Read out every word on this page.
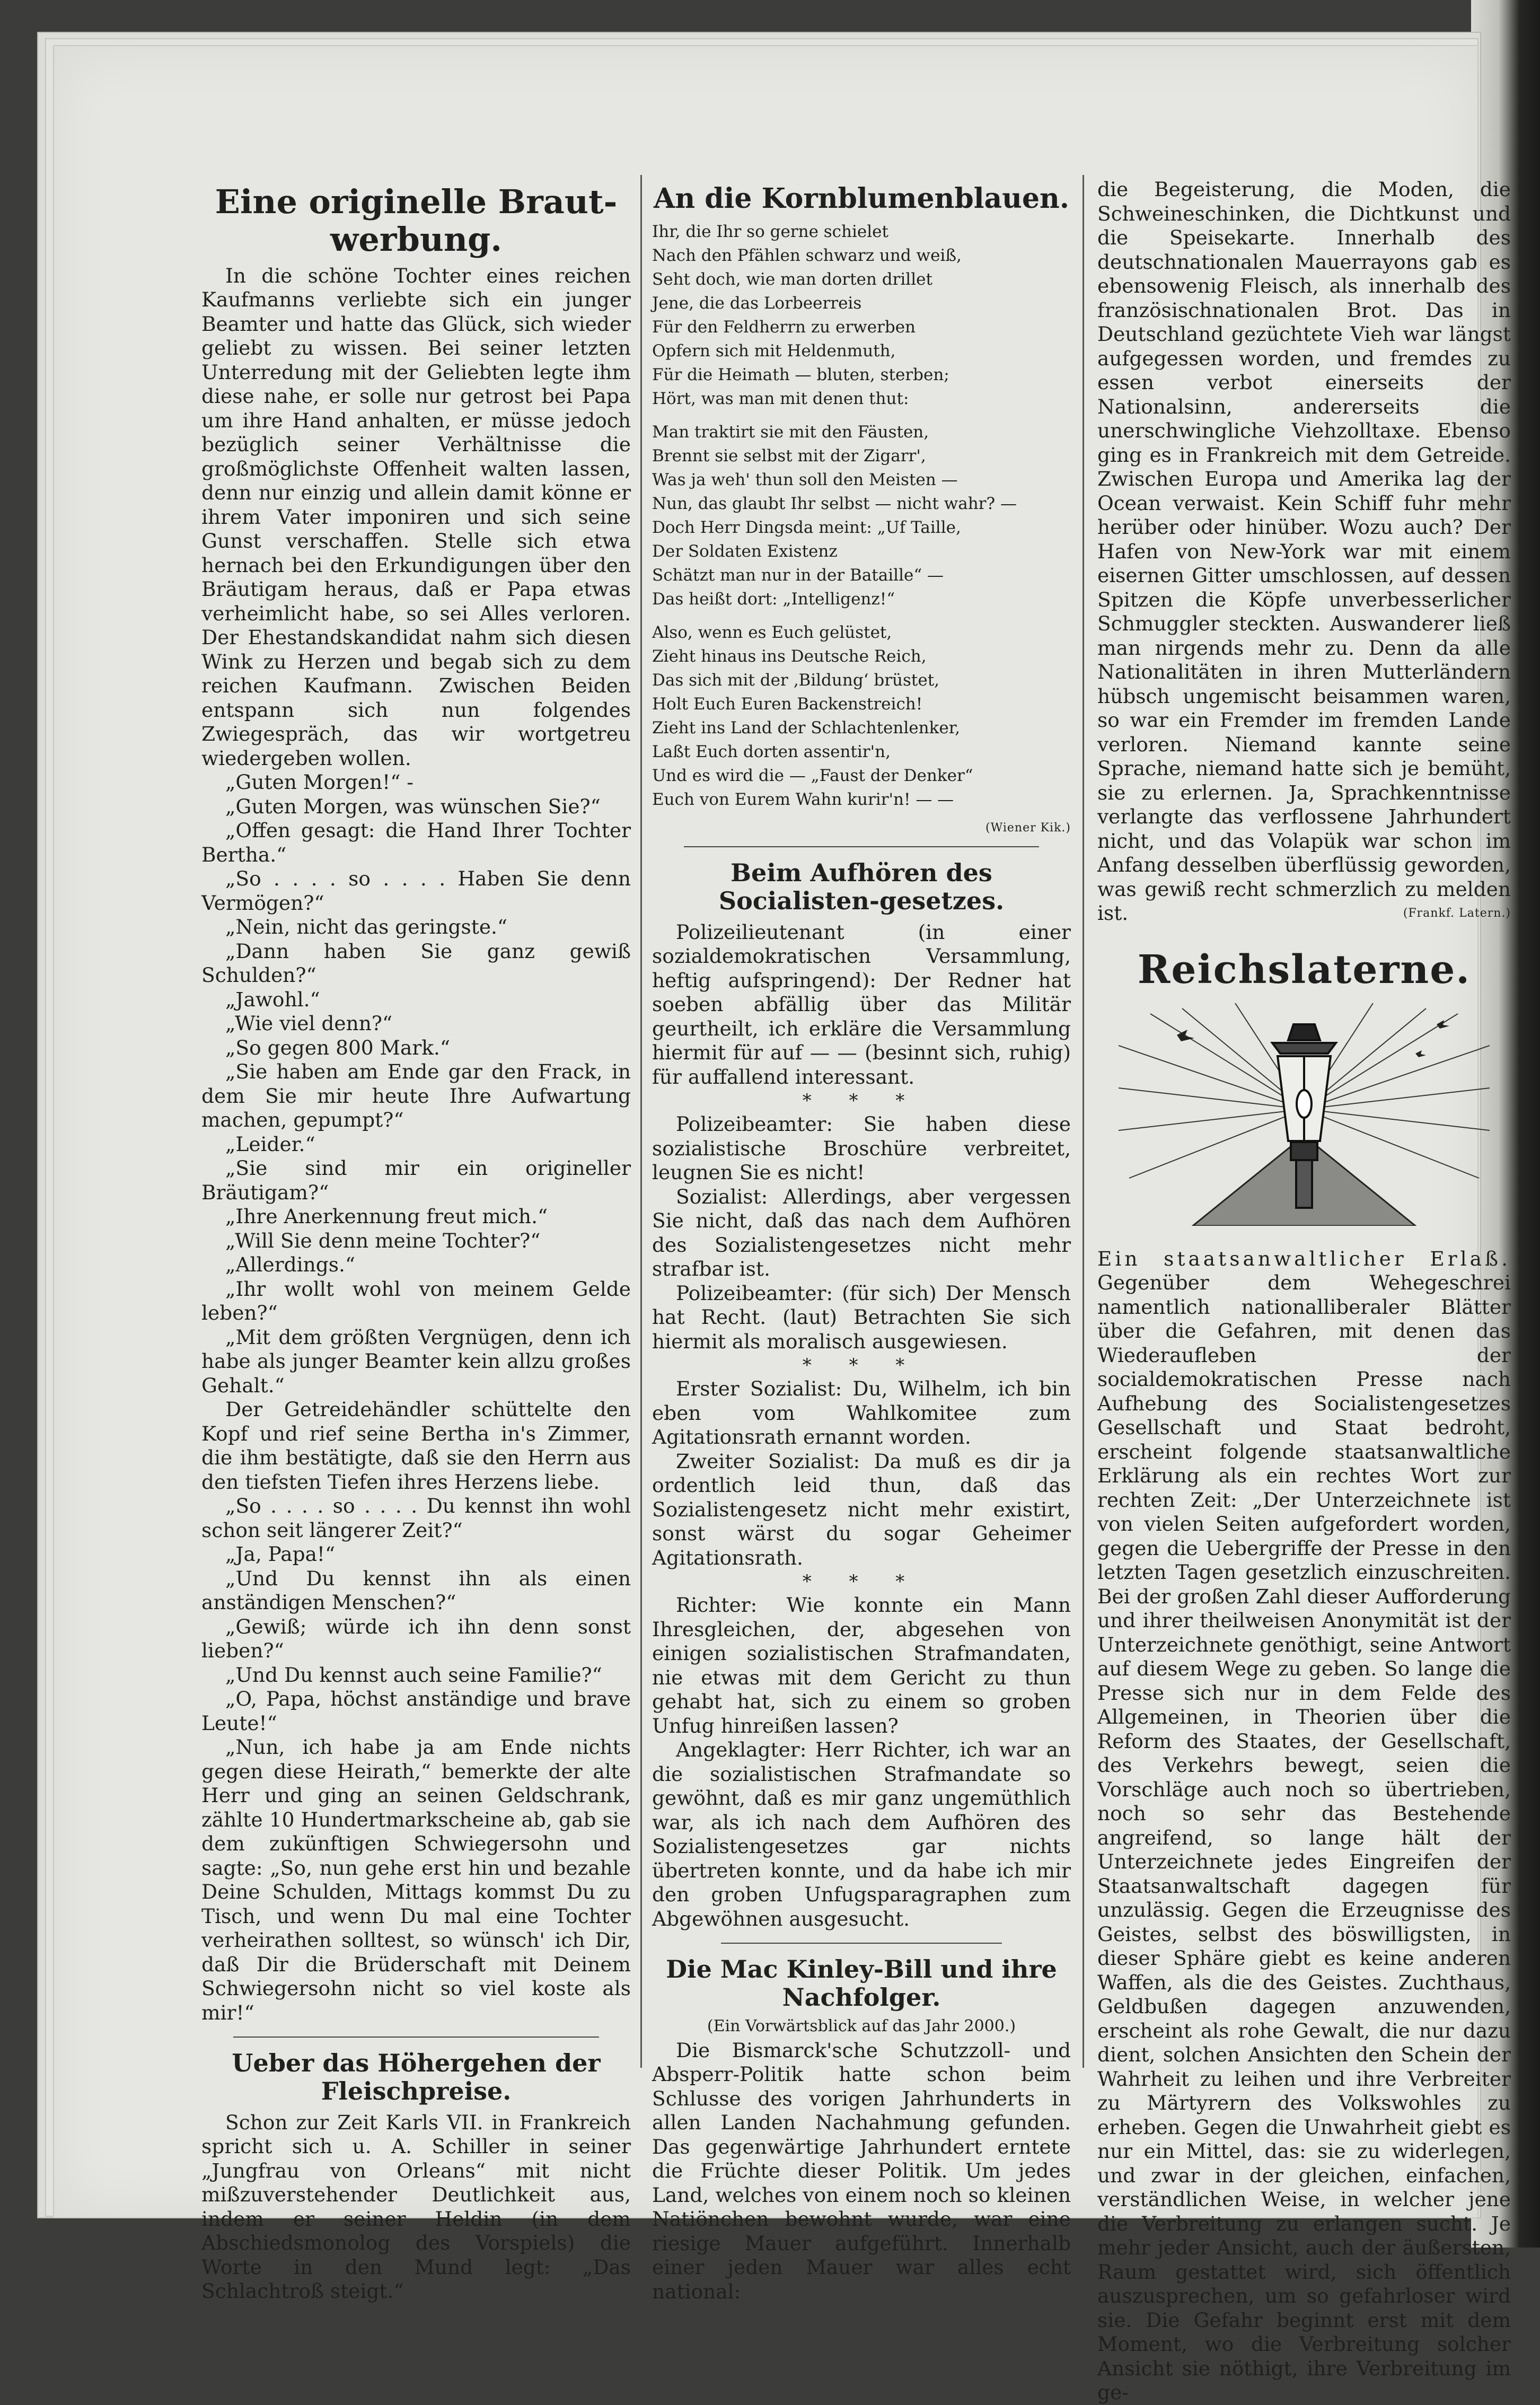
Eine originelle Braut-werbung.

In die schöne Tochter eines reichen Kaufmanns verliebte sich ein junger Beamter und hatte das Glück, sich wieder geliebt zu wissen. Bei seiner letzten Unterredung mit der Geliebten legte ihm diese nahe, er solle nur getrost bei Papa um ihre Hand anhalten, er müsse jedoch bezüglich seiner Verhältnisse die großmöglichste Offenheit walten lassen, denn nur einzig und allein damit könne er ihrem Vater imponiren und sich seine Gunst verschaffen. Stelle sich etwa hernach bei den Erkundigungen über den Bräutigam heraus, daß er Papa etwas verheimlicht habe, so sei Alles verloren. Der Ehestandskandidat nahm sich diesen Wink zu Herzen und begab sich zu dem reichen Kaufmann. Zwischen Beiden entspann sich nun folgendes Zwiegespräch, das wir wortgetreu wiedergeben wollen.

„Guten Morgen!“ -

„Guten Morgen, was wünschen Sie?“

„Offen gesagt: die Hand Ihrer Tochter Bertha.“

„So . . . . so . . . . Haben Sie denn Vermögen?“

„Nein, nicht das geringste.“

„Dann haben Sie ganz gewiß Schulden?“

„Jawohl.“

„Wie viel denn?“

„So gegen 800 Mark.“

„Sie haben am Ende gar den Frack, in dem Sie mir heute Ihre Aufwartung machen, gepumpt?“

„Leider.“

„Sie sind mir ein origineller Bräutigam?“

„Ihre Anerkennung freut mich.“

„Will Sie denn meine Tochter?“

„Allerdings.“

„Ihr wollt wohl von meinem Gelde leben?“

„Mit dem größten Vergnügen, denn ich habe als junger Beamter kein allzu großes Gehalt.“

Der Getreidehändler schüttelte den Kopf und rief seine Bertha in's Zimmer, die ihm bestätigte, daß sie den Herrn aus den tiefsten Tiefen ihres Herzens liebe.

„So . . . . so . . . . Du kennst ihn wohl schon seit längerer Zeit?“

„Ja, Papa!“

„Und Du kennst ihn als einen anständigen Menschen?“

„Gewiß; würde ich ihn denn sonst lieben?“

„Und Du kennst auch seine Familie?“

„O, Papa, höchst anständige und brave Leute!“

„Nun, ich habe ja am Ende nichts gegen diese Heirath,“ bemerkte der alte Herr und ging an seinen Geldschrank, zählte 10 Hundertmarkscheine ab, gab sie dem zukünftigen Schwiegersohn und sagte: „So, nun gehe erst hin und bezahle Deine Schulden, Mittags kommst Du zu Tisch, und wenn Du mal eine Tochter verheirathen solltest, so wünsch' ich Dir, daß Dir die Brüderschaft mit Deinem Schwiegersohn nicht so viel koste als mir!“

Ueber das Höhergehen der Fleischpreise.

Schon zur Zeit Karls VII. in Frankreich spricht sich u. A. Schiller in seiner „Jungfrau von Orleans“ mit nicht mißzuverstehender Deutlichkeit aus, indem er seiner Heldin (in dem Abschiedsmonolog des Vorspiels) die Worte in den Mund legt: „Das Schlachtroß steigt.“

An die Kornblumenblauen.

Ihr, die Ihr so gerne schielet

Nach den Pfählen schwarz und weiß,

Seht doch, wie man dorten drillet

Jene, die das Lorbeerreis

Für den Feldherrn zu erwerben

Opfern sich mit Heldenmuth,

Für die Heimath — bluten, sterben;

Hört, was man mit denen thut:

Man traktirt sie mit den Fäusten,

Brennt sie selbst mit der Zigarr',

Was ja weh' thun soll den Meisten —

Nun, das glaubt Ihr selbst — nicht wahr? —

Doch Herr Dingsda meint: „Uf Taille,

Der Soldaten Existenz

Schätzt man nur in der Bataille“ —

Das heißt dort: „Intelligenz!“

Also, wenn es Euch gelüstet,

Zieht hinaus ins Deutsche Reich,

Das sich mit der ‚Bildung‘ brüstet,

Holt Euch Euren Backenstreich!

Zieht ins Land der Schlachtenlenker,

Laßt Euch dorten assentir'n,

Und es wird die — „Faust der Denker“

Euch von Eurem Wahn kurir'n! — —

(Wiener Kik.)
Beim Aufhören des Socialisten-gesetzes.

Polizeilieutenant (in einer sozialdemokratischen Versammlung, heftig aufspringend): Der Redner hat soeben abfällig über das Militär geurtheilt, ich erkläre die Versammlung hiermit für auf — — (besinnt sich, ruhig) für auffallend interessant.

* * *

Polizeibeamter: Sie haben diese sozialistische Broschüre verbreitet, leugnen Sie es nicht!

Sozialist: Allerdings, aber vergessen Sie nicht, daß das nach dem Aufhören des Sozialistengesetzes nicht mehr strafbar ist.

Polizeibeamter: (für sich) Der Mensch hat Recht. (laut) Betrachten Sie sich hiermit als moralisch ausgewiesen.

* * *

Erster Sozialist: Du, Wilhelm, ich bin eben vom Wahlkomitee zum Agitationsrath ernannt worden.

Zweiter Sozialist: Da muß es dir ja ordentlich leid thun, daß das Sozialistengesetz nicht mehr existirt, sonst wärst du sogar Geheimer Agitationsrath.

* * *

Richter: Wie konnte ein Mann Ihresgleichen, der, abgesehen von einigen sozialistischen Strafmandaten, nie etwas mit dem Gericht zu thun gehabt hat, sich zu einem so groben Unfug hinreißen lassen?

Angeklagter: Herr Richter, ich war an die sozialistischen Strafmandate so gewöhnt, daß es mir ganz ungemüthlich war, als ich nach dem Aufhören des Sozialistengesetzes gar nichts übertreten konnte, und da habe ich mir den groben Unfugsparagraphen zum Abgewöhnen ausgesucht.

Die Mac Kinley-Bill und ihre Nachfolger.
(Ein Vorwärtsblick auf das Jahr 2000.)

Die Bismarck'sche Schutzzoll- und Absperr-Politik hatte schon beim Schlusse des vorigen Jahrhunderts in allen Landen Nachahmung gefunden. Das gegenwärtige Jahrhundert erntete die Früchte dieser Politik. Um jedes Land, welches von einem noch so kleinen Natiönchen bewohnt wurde, war eine riesige Mauer aufgeführt. Innerhalb einer jeden Mauer war alles echt national:

die Begeisterung, die Moden, die Schweineschinken, die Dichtkunst und die Speisekarte. Innerhalb des deutschnationalen Mauerrayons gab es ebensowenig Fleisch, als innerhalb des französischnationalen Brot. Das in Deutschland gezüchtete Vieh war längst aufgegessen worden, und fremdes zu essen verbot einerseits der Nationalsinn, andererseits die unerschwingliche Viehzolltaxe. Ebenso ging es in Frankreich mit dem Getreide. Zwischen Europa und Amerika lag der Ocean verwaist. Kein Schiff fuhr mehr herüber oder hinüber. Wozu auch? Der Hafen von New-York war mit einem eisernen Gitter umschlossen, auf dessen Spitzen die Köpfe unverbesserlicher Schmuggler steckten. Auswanderer ließ man nirgends mehr zu. Denn da alle Nationalitäten in ihren Mutterländern hübsch ungemischt beisammen waren, so war ein Fremder im fremden Lande verloren. Niemand kannte seine Sprache, niemand hatte sich je bemüht, sie zu erlernen. Ja, Sprachkenntnisse verlangte das verflossene Jahrhundert nicht, und das Volapük war schon im Anfang desselben überflüssig geworden, was gewiß recht schmerzlich zu melden ist.	(Frankf. Latern.)

Reichslaterne.

Ein staatsanwaltlicher Erlaß. Gegenüber dem Wehegeschrei namentlich nationalliberaler Blätter über die Gefahren, mit denen das Wiederaufleben der socialdemokratischen Presse nach Aufhebung des Socialistengesetzes Gesellschaft und Staat bedroht, erscheint folgende staatsanwaltliche Erklärung als ein rechtes Wort zur rechten Zeit: „Der Unterzeichnete ist von vielen Seiten aufgefordert worden, gegen die Uebergriffe der Presse in den letzten Tagen gesetzlich einzuschreiten. Bei der großen Zahl dieser Aufforderung und ihrer theilweisen Anonymität ist der Unterzeichnete genöthigt, seine Antwort auf diesem Wege zu geben. So lange die Presse sich nur in dem Felde des Allgemeinen, in Theorien über die Reform des Staates, der Gesellschaft, des Verkehrs bewegt, seien die Vorschläge auch noch so übertrieben, noch so sehr das Bestehende angreifend, so lange hält der Unterzeichnete jedes Eingreifen der Staatsanwaltschaft dagegen für unzulässig. Gegen die Erzeugnisse des Geistes, selbst des böswilligsten, in dieser Sphäre giebt es keine anderen Waffen, als die des Geistes. Zuchthaus, Geldbußen dagegen anzuwenden, erscheint als rohe Gewalt, die nur dazu dient, solchen Ansichten den Schein der Wahrheit zu leihen und ihre Verbreiter zu Märtyrern des Volkswohles zu erheben. Gegen die Unwahrheit giebt es nur ein Mittel, das: sie zu widerlegen, und zwar in der gleichen, einfachen, verständlichen Weise, in welcher jene die Verbreitung zu erlangen sucht. Je mehr jeder Ansicht, auch der äußersten, Raum gestattet wird, sich öffentlich auszusprechen, um so gefahrloser wird sie. Die Gefahr beginnt erst mit dem Moment, wo die Verbreitung solcher Ansicht sie nöthigt, ihre Verbreitung im ge-
